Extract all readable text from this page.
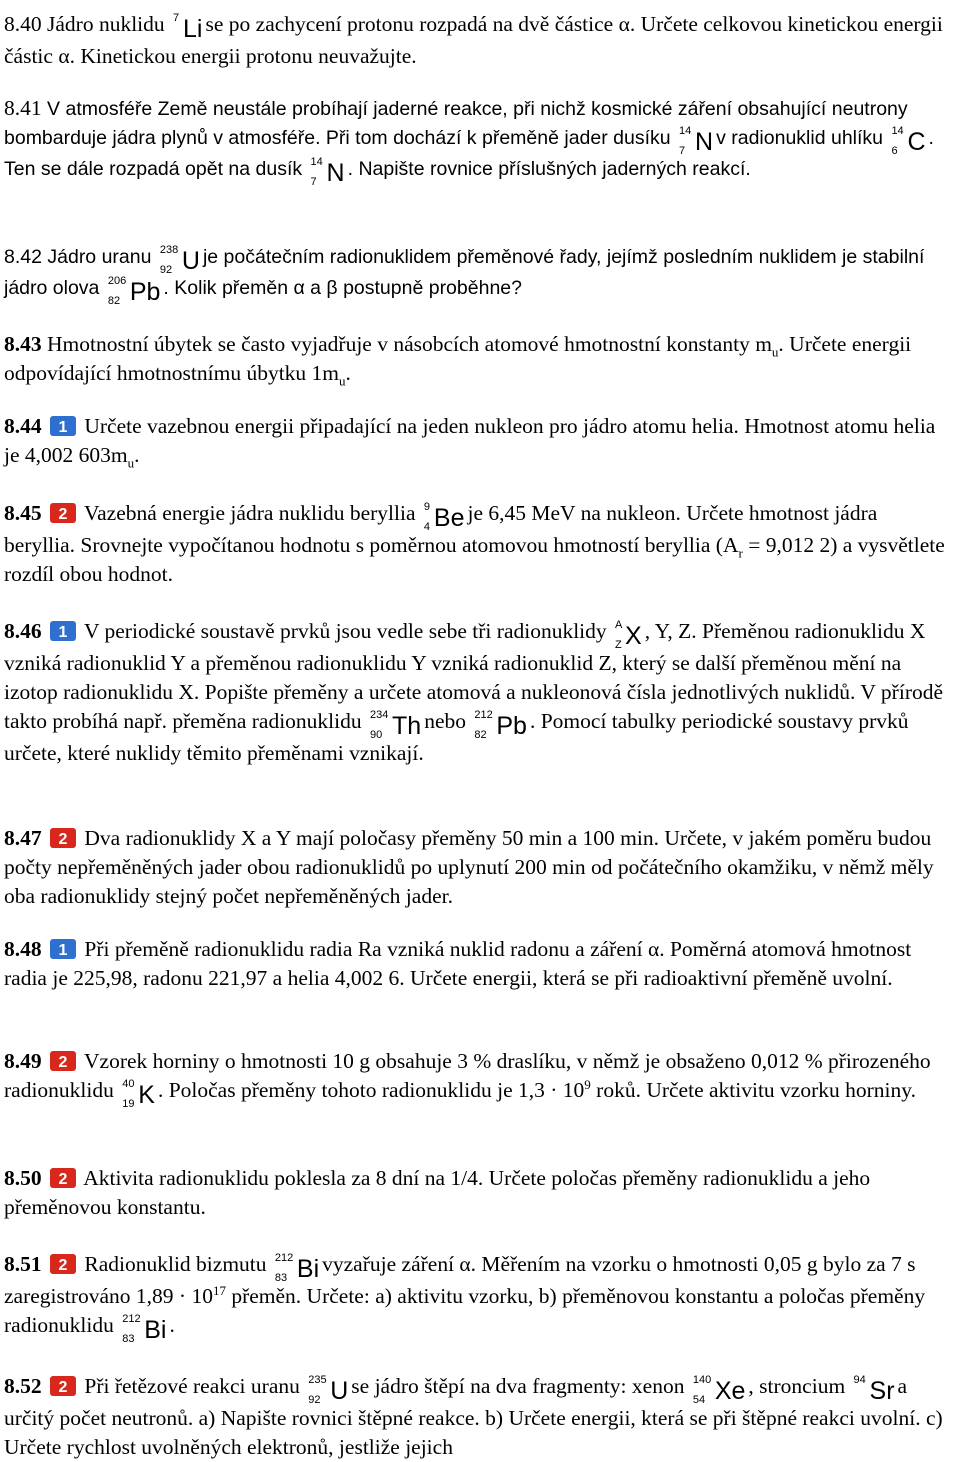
8.40 Jádro nuklidu 7 Li se po zachycení protonu rozpadá na dvě částice α. Určete celkovou kinetickou energii částic α. Kinetickou energii protonu neuvažujte.

8.41 V atmosféře Země neustále probíhají jaderné reakce, při nichž kosmické záření obsahující neutrony bombarduje jádra plynů v atmosféře. Při tom dochází k přeměně jader dusíku 14
7 N v radionuklid uhlíku 14
6 C . Ten se dále rozpadá opět na dusík 14
7 N . Napište rovnice příslušných jaderných reakcí.

8.42 Jádro uranu 238
92 U je počátečním radionuklidem přeměnové řady, jejímž posledním nuklidem je stabilní jádro olova 206
82 Pb . Kolik přeměn α a β postupně proběhne?

8.43 Hmotnostní úbytek se často vyjadřuje v násobcích atomové hmotnostní konstanty $m_u$. Určete energii odpovídající hmotnostnímu úbytku $1m_u$.

8.44 1 Určete vazebnou energii připadající na jeden nukleon pro jádro atomu helia. Hmotnost atomu helia je 4,002 $603m_u$.

8.45 2 Vazebná energie jádra nuklidu beryllia 9
4 Be je 6,45 MeV na nukleon. Určete hmotnost jádra beryllia. Srovnejte vypočítanou hodnotu s poměrnou atomovou hmotností beryllia ($A_r = 9,012$ 2) a vysvětlete rozdíl obou hodnot.

8.46 1 V periodické soustavě prvků jsou vedle sebe tři radionuklidy A
Z X , Y, Z. Přeměnou radionuklidu X vzniká radionuklid Y a přeměnou radionuklidu Y vzniká radionuklid Z, který se další přeměnou mění na izotop radionuklidu X. Popište přeměny a určete atomová a nukleonová čísla jednotlivých nuklidů. V přírodě takto probíhá např. přeměna radionuklidu 234
90 Th nebo 212
82 Pb . Pomocí tabulky periodické soustavy prvků určete, které nuklidy těmito přeměnami vznikají.

8.47 2 Dva radionuklidy X a Y mají poločasy přeměny 50 min a 100 min. Určete, v jakém poměru budou počty nepřeměněných jader obou radionuklidů po uplynutí 200 min od počátečního okamžiku, v němž měly oba radionuklidy stejný počet nepřeměněných jader.

8.48 1 Při přeměně radionuklidu radia Ra vzniká nuklid radonu a záření α. Poměrná atomová hmotnost radia je 225,98, radonu 221,97 a helia 4,002 6. Určete energii, která se při radioaktivní přeměně uvolní.

8.49 2 Vzorek horniny o hmotnosti 10 g obsahuje 3 % draslíku, v němž je obsaženo 0,012 % přirozeného radionuklidu 40
19 K . Poločas přeměny tohoto radionuklidu je $1,3 \cdot 10^9$ roků. Určete aktivitu vzorku horniny.

8.50 2 Aktivita radionuklidu poklesla za 8 dní na 1/4. Určete poločas přeměny radionuklidu a jeho přeměnovou konstantu.

8.51 2 Radionuklid bizmutu 212
83 Bi vyzařuje záření α. Měřením na vzorku o hmotnosti 0,05 g bylo za 7 s zaregistrováno $1,89 \cdot 10^{17}$ přeměn. Určete: a) aktivitu vzorku, b) přeměnovou konstantu a poločas přeměny radionuklidu 212
83 Bi .

8.52 2 Při řetězové reakci uranu 235
92 U se jádro štěpí na dva fragmenty: xenon 140
54 Xe , stroncium 94 Sr a určitý počet neutronů. a) Napište rovnici štěpné reakce. b) Určete energii, která se při štěpné reakci uvolní. c) Určete rychlost uvolněných elektronů, jestliže jejich
